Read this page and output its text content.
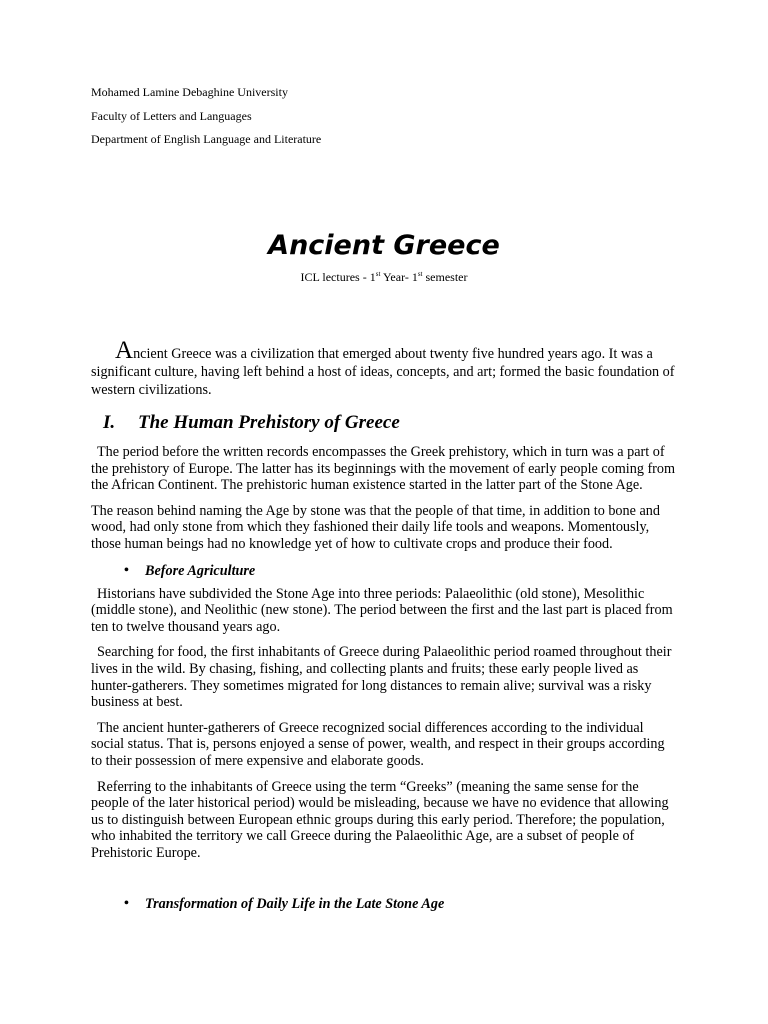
Mohamed Lamine Debaghine University
Faculty of Letters and Languages
Department of English Language and Literature
Ancient Greece
ICL lectures - 1st Year- 1st semester

Ancient Greece was a civilization that emerged about twenty five hundred years ago. It was a significant culture, having left behind a host of ideas, concepts, and art; formed the basic foundation of western civilizations.

I.	The Human Prehistory of Greece

The period before the written records encompasses the Greek prehistory, which in turn was a part of the prehistory of Europe. The latter has its beginnings with the movement of early people coming from the African Continent. The prehistoric human existence started in the latter part of the Stone Age.

The reason behind naming the Age by stone was that the people of that time, in addition to bone and wood, had only stone from which they fashioned their daily life tools and weapons. Momentously, those human beings had no knowledge yet of how to cultivate crops and produce their food.

•	Before Agriculture

Historians have subdivided the Stone Age into three periods: Palaeolithic (old stone), Mesolithic (middle stone), and Neolithic (new stone). The period between the first and the last part is placed from ten to twelve thousand years ago.

Searching for food, the first inhabitants of Greece during Palaeolithic period roamed throughout their lives in the wild. By chasing, fishing, and collecting plants and fruits; these early people lived as hunter-gatherers. They sometimes migrated for long distances to remain alive; survival was a risky business at best.

The ancient hunter-gatherers of Greece recognized social differences according to the individual social status. That is, persons enjoyed a sense of power, wealth, and respect in their groups according to their possession of mere expensive and elaborate goods.

Referring to the inhabitants of Greece using the term “Greeks” (meaning the same sense for the people of the later historical period) would be misleading, because we have no evidence that allowing us to distinguish between European ethnic groups during this early period. Therefore; the population, who inhabited the territory we call Greece during the Palaeolithic Age, are a subset of people of Prehistoric Europe.

•	Transformation of Daily Life in the Late Stone Age
